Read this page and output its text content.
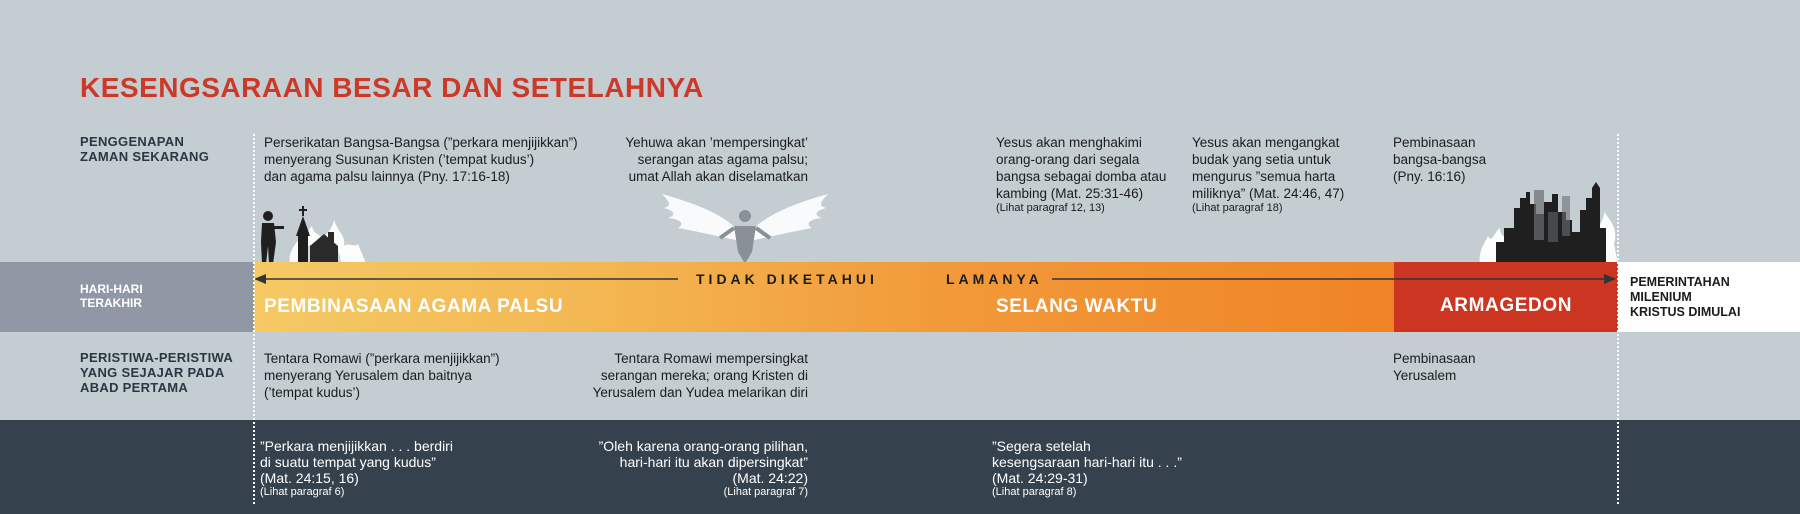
KESENGSARAAN BESAR DAN SETELAHNYA
PENGGENAPAN
ZAMAN SEKARANG
PERISTIWA-PERISTIWA
YANG SEJAJAR PADA
ABAD PERTAMA
Perserikatan Bangsa-Bangsa (”perkara menjijikkan”)
menyerang Susunan Kristen (’tempat kudus’)
dan agama palsu lainnya (Pny. 17:16-18)
Yehuwa akan ’mempersingkat’
serangan atas agama palsu;
umat Allah akan diselamatkan
Yesus akan menghakimi
orang-orang dari segala
bangsa sebagai domba atau
kambing (Mat. 25:31-46)
(Lihat paragraf 12, 13)
Yesus akan mengangkat
budak yang setia untuk
mengurus ”semua harta
miliknya” (Mat. 24:46, 47)
(Lihat paragraf 18)
Pembinasaan
bangsa-bangsa
(Pny. 16:16)
HARI-HARI
TERAKHIR	PEMBINASAAN AGAMA PALSU	SELANG WAKTU	ARMAGEDON
PEMERINTAHAN
MILENIUM
KRISTUS DIMULAI
TIDAK DIKETAHUI	LAMANYA
Tentara Romawi (”perkara menjijikkan”)
menyerang Yerusalem dan baitnya
(’tempat kudus’)
Tentara Romawi mempersingkat
serangan mereka; orang Kristen di
Yerusalem dan Yudea melarikan diri
Pembinasaan
Yerusalem
”Perkara menjijikkan . . . berdiri
di suatu tempat yang kudus”
(Mat. 24:15, 16)
(Lihat paragraf 6)
”Oleh karena orang-orang pilihan,
hari-hari itu akan dipersingkat”
(Mat. 24:22)
(Lihat paragraf 7)
”Segera setelah
kesengsaraan hari-hari itu . . .”
(Mat. 24:29-31)
(Lihat paragraf 8)
